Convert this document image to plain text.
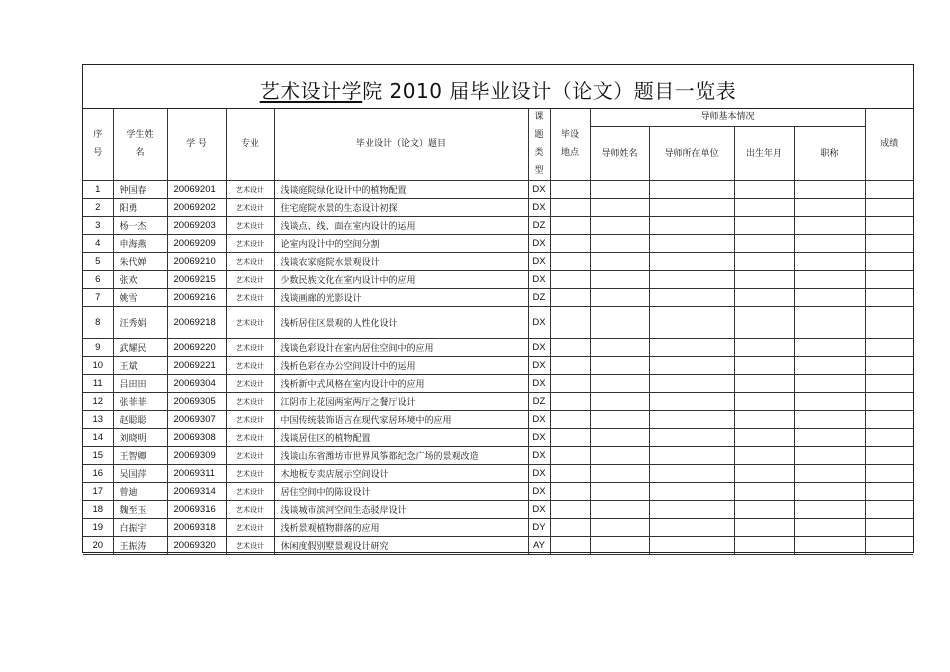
艺术设计学院 2010 届毕业设计（论文）题目一览表
序号	学生姓名	学 号	专业	毕业设计（论文）题目	课题类型	毕设地点	导师基本情况				成绩
							导师姓名	导师所在单位	出生年月	职称	
1	钟国春	20069201	艺术设计	浅谈庭院绿化设计中的植物配置	DX						
2	阳勇	20069202	艺术设计	住宅庭院水景的生态设计初探	DX						
3	杨一杰	20069203	艺术设计	浅谈点、线、面在室内设计的运用	DZ						
4	申海燕	20069209	艺术设计	论室内设计中的空间分割	DX						
5	朱代婵	20069210	艺术设计	浅谈农家庭院水景观设计	DX						
6	张欢	20069215	艺术设计	少数民族文化在室内设计中的应用	DX						
7	姚雪	20069216	艺术设计	浅谈画廊的光影设计	DZ						
8	汪秀娟	20069218	艺术设计	浅析居住区景观的人性化设计	DX						
9	武耀民	20069220	艺术设计	浅谈色彩设计在室内居住空间中的应用	DX						
10	王斌	20069221	艺术设计	浅析色彩在办公空间设计中的运用	DX						
11	吕田田	20069304	艺术设计	浅析新中式风格在室内设计中的应用	DX						
12	张菲菲	20069305	艺术设计	江阴市上花园两室两厅之餐厅设计	DZ						
13	赵聪聪	20069307	艺术设计	中国传统装饰语言在现代家居环境中的应用	DX						
14	刘晓明	20069308	艺术设计	浅谈居住区的植物配置	DX						
15	王智卿	20069309	艺术设计	浅谈山东省潍坊市世界风筝都纪念广场的景观改造	DX						
16	吴国萍	20069311	艺术设计	木地板专卖店展示空间设计	DX						
17	曾迪	20069314	艺术设计	居住空间中的陈设设计	DX						
18	魏至玉	20069316	艺术设计	浅谈城市滨河空间生态驳岸设计	DX						
19	白振宇	20069318	艺术设计	浅析景观植物群落的应用	DY						
20	王振涛	20069320	艺术设计	休闲度假别墅景观设计研究	AY						
